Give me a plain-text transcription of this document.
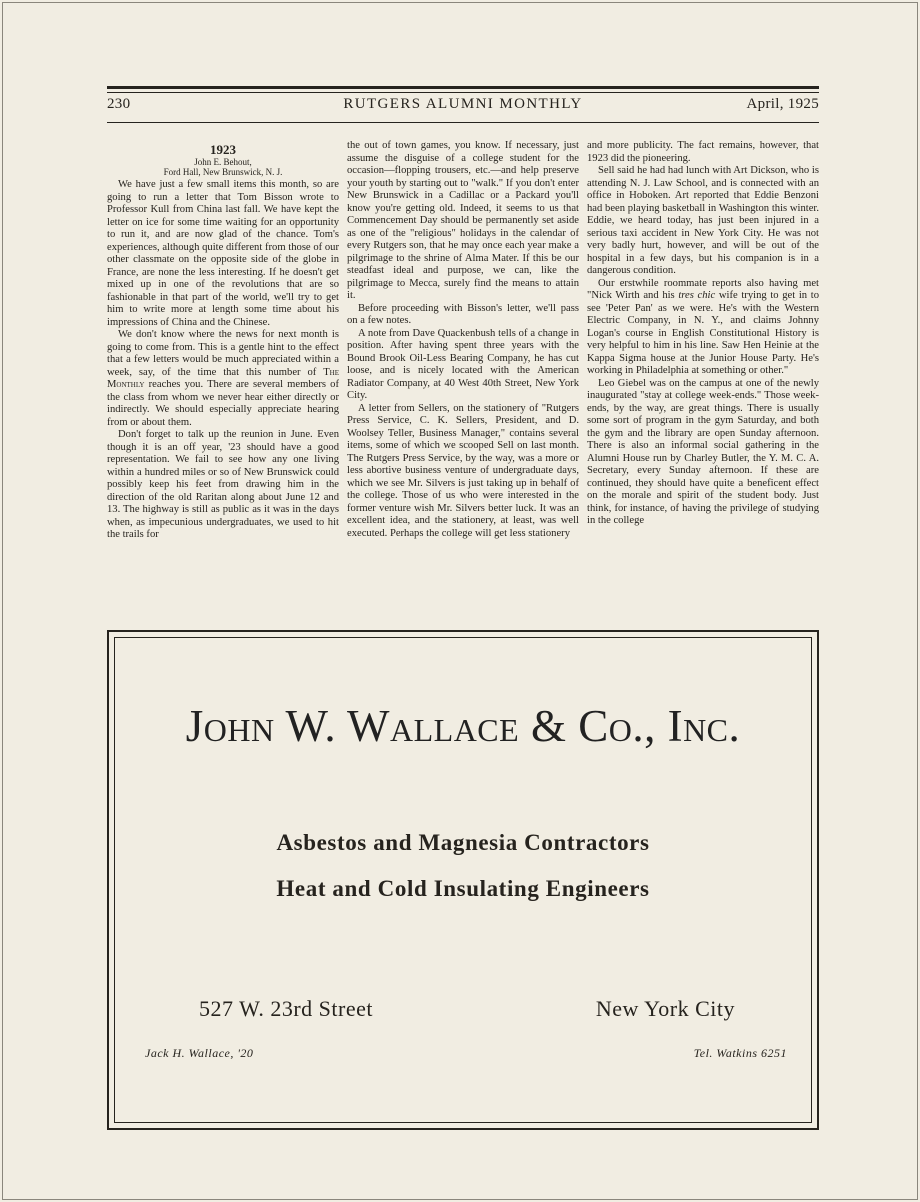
230	RUTGERS ALUMNI MONTHLY	April, 1925
1923
John E. Behout,
Ford Hall, New Brunswick, N. J.

We have just a few small items this month, so are going to run a letter that Tom Bisson wrote to Professor Kull from China last fall. We have kept the letter on ice for some time waiting for an opportunity to run it, and are now glad of the chance. Tom's experiences, although quite different from those of our other classmate on the opposite side of the globe in France, are none the less interesting. If he doesn't get mixed up in one of the revolutions that are so fashionable in that part of the world, we'll try to get him to write more at length some time about his impressions of China and the Chinese.

We don't know where the news for next month is going to come from. This is a gentle hint to the effect that a few letters would be much appreciated within a week, say, of the time that this number of The Monthly reaches you. There are several members of the class from whom we never hear either directly or indirectly. We should especially appreciate hearing from or about them.

Don't forget to talk up the reunion in June. Even though it is an off year, '23 should have a good representation. We fail to see how any one living within a hundred miles or so of New Brunswick could possibly keep his feet from drawing him in the direction of the old Raritan along about June 12 and 13. The highway is still as public as it was in the days when, as impecunious undergraduates, we used to hit the trails for

the out of town games, you know. If necessary, just assume the disguise of a college student for the occasion—flopping trousers, etc.—and help preserve your youth by starting out to "walk." If you don't enter New Brunswick in a Cadillac or a Packard you'll know you're getting old. Indeed, it seems to us that Commencement Day should be permanently set aside as one of the "religious" holidays in the calendar of every Rutgers son, that he may once each year make a pilgrimage to the shrine of Alma Mater. If this be our steadfast ideal and purpose, we can, like the pilgrimage to Mecca, surely find the means to attain it.

Before proceeding with Bisson's letter, we'll pass on a few notes.

A note from Dave Quackenbush tells of a change in position. After having spent three years with the Bound Brook Oil-Less Bearing Company, he has cut loose, and is nicely located with the American Radiator Company, at 40 West 40th Street, New York City.

A letter from Sellers, on the stationery of "Rutgers Press Service, C. K. Sellers, President, and D. Woolsey Teller, Business Manager," contains several items, some of which we scooped Sell on last month. The Rutgers Press Service, by the way, was a more or less abortive business venture of undergraduate days, which we see Mr. Silvers is just taking up in behalf of the college. Those of us who were interested in the former venture wish Mr. Silvers better luck. It was an excellent idea, and the stationery, at least, was well executed. Perhaps the college will get less stationery

and more publicity. The fact remains, however, that 1923 did the pioneering.

Sell said he had had lunch with Art Dickson, who is attending N. J. Law School, and is connected with an office in Hoboken. Art reported that Eddie Benzoni had been playing basketball in Washington this winter. Eddie, we heard today, has just been injured in a serious taxi accident in New York City. He was not very badly hurt, however, and will be out of the hospital in a few days, but his companion is in a dangerous condition.

Our erstwhile roommate reports also having met "Nick Wirth and his tres chic wife trying to get in to see 'Peter Pan' as we were. He's with the Western Electric Company, in N. Y., and claims Johnny Logan's course in English Constitutional History is very helpful to him in his line. Saw Hen Heinie at the Kappa Sigma house at the Junior House Party. He's working in Philadelphia at something or other."

Leo Giebel was on the campus at one of the newly inaugurated "stay at college week-ends." Those week-ends, by the way, are great things. There is usually some sort of program in the gym Saturday, and both the gym and the library are open Sunday afternoon. There is also an informal social gathering in the Alumni House run by Charley Butler, the Y. M. C. A. Secretary, every Sunday afternoon. If these are continued, they should have quite a beneficent effect on the morale and spirit of the student body. Just think, for instance, of having the privilege of studying in the college

John W. Wallace & Co., Inc.
Asbestos and Magnesia Contractors
Heat and Cold Insulating Engineers
527 W. 23rd Street	New York City
Jack H. Wallace, '20	Tel. Watkins 6251
